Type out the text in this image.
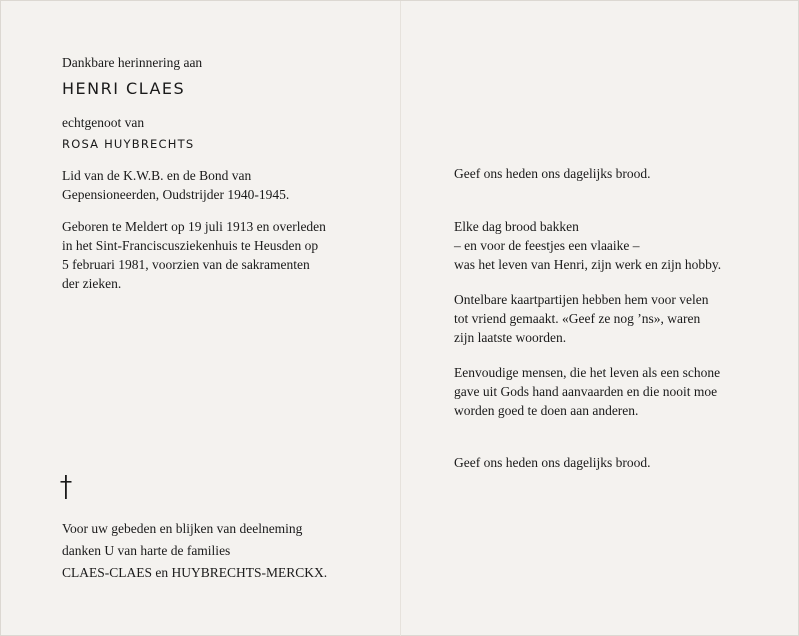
Dankbare herinnering aan

HENRI CLAES

echtgenoot van

ROSA HUYBRECHTS

Lid van de K.W.B. en de Bond van
Gepensioneerden, Oudstrijder 1940-1945.
Geboren te Meldert op 19 juli 1913 en overleden
in het Sint-Franciscusziekenhuis te Heusden op
5 februari 1981, voorzien van de sakramenten
der zieken.
Voor uw gebeden en blijken van deelneming
danken U van harte de families
CLAES-CLAES en HUYBRECHTS-MERCKX.

Geef ons heden ons dagelijks brood.

Elke dag brood bakken
– en voor de feestjes een vlaaike –
was het leven van Henri, zijn werk en zijn hobby.
Ontelbare kaartpartijen hebben hem voor velen
tot vriend gemaakt. «Geef ze nog ’ns», waren
zijn laatste woorden.
Eenvoudige mensen, die het leven als een schone
gave uit Gods hand aanvaarden en die nooit moe
worden goed te doen aan anderen.

Geef ons heden ons dagelijks brood.
